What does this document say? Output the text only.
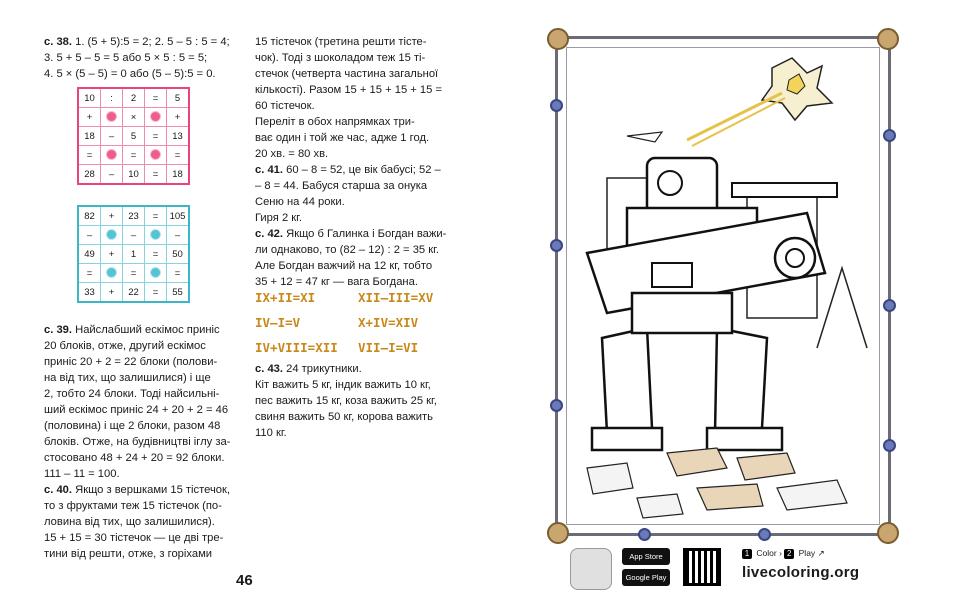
с. 38. 1. (5 + 5):5 = 2; 2. 5 – 5 : 5 = 4;
3. 5 + 5 – 5 = 5 або 5 × 5 : 5 = 5;
4. 5 × (5 – 5) = 0 або (5 – 5):5 = 0.
10	:	2	=	5
+		×		+
18	–	5	=	13
=		=		=
28	–	10	=	18
82	+	23	=	105
–		–		–
49	+	1	=	50
=		=		=
33	+	22	=	55
с. 39. Найслабший ескімос приніс
20 блоків, отже, другий ескімос
приніс 20 + 2 = 22 блоки (полови-
на від тих, що залишилися) і ще
2, тобто 24 блоки. Тоді найсильні-
ший ескімос приніс 24 + 20 + 2 = 46
(половина) і ще 2 блоки, разом 48
блоків. Отже, на будівництві іглу за-
стосовано 48 + 24 + 20 = 92 блоки.
111 – 11 = 100.
с. 40. Якщо з вершками 15 тістечок,
то з фруктами теж 15 тістечок (по-
ловина від тих, що залишилися).
15 + 15 = 30 тістечок — це дві тре-
тини від решти, отже, з горіхами
15 тістечок (третина решти тісте-
чок). Тоді з шоколадом теж 15 ті-
стечок (четверта частина загальної
кількості). Разом 15 + 15 + 15 + 15 =
60 тістечок.
Переліт в обох напрямках три-
ває один і той же час, адже 1 год.
20 хв. = 80 хв.
с. 41. 60 – 8 = 52, це вік бабусі; 52 –
– 8 = 44. Бабуся старша за онука
Сеню на 44 роки.
Гиря 2 кг.
с. 42. Якщо б Галинка і Богдан важи-
ли однаково, то (82 – 12) : 2 = 35 кг.
Але Богдан важчий на 12 кг, тобто
35 + 12 = 47 кг — вага Богдана.
IX+II=XI	XII–III=XV
IV–I=V	X+IV=XIV
IV+VIII=XII VII–I=VI
с. 43. 24 трикутники.
Кіт важить 5 кг, індик важить 10 кг,
пес важить 15 кг, коза важить 25 кг,
свиня важить 50 кг, корова важить
110 кг.
46
App Store
Google Play
1 Color › 2 Play ↗
livecoloring.org
